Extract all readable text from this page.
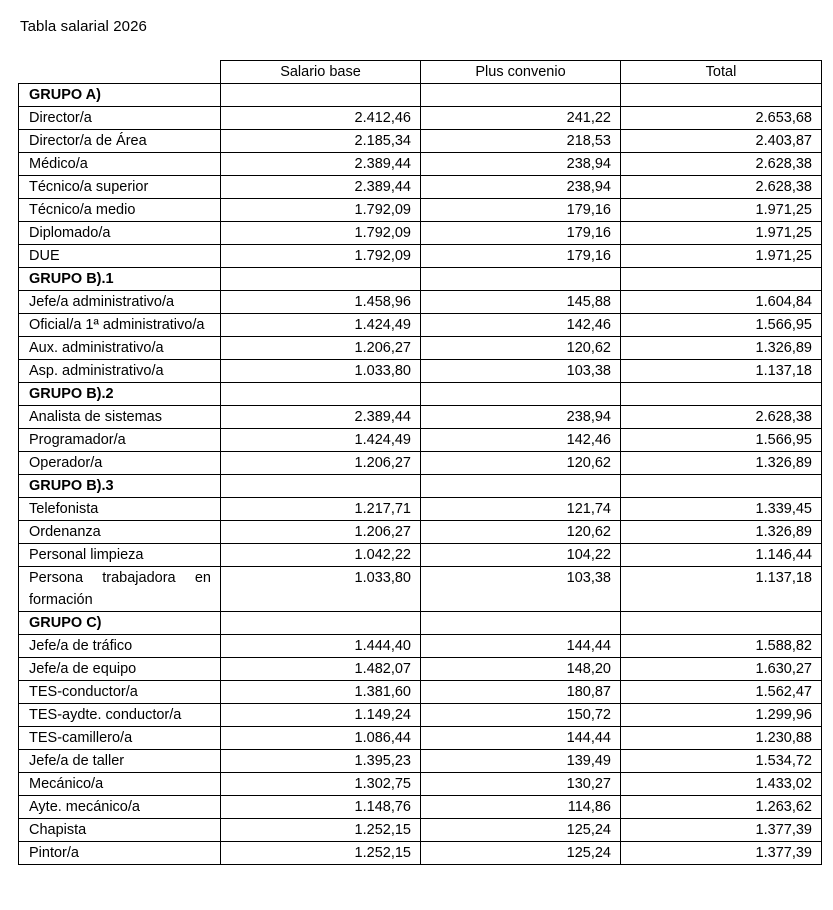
Tabla salarial 2026
	Salario base	Plus convenio	Total
GRUPO A)			
Director/a	2.412,46	241,22	2.653,68
Director/a de Área	2.185,34	218,53	2.403,87
Médico/a	2.389,44	238,94	2.628,38
Técnico/a superior	2.389,44	238,94	2.628,38
Técnico/a medio	1.792,09	179,16	1.971,25
Diplomado/a	1.792,09	179,16	1.971,25
DUE	1.792,09	179,16	1.971,25
GRUPO B).1			
Jefe/a administrativo/a	1.458,96	145,88	1.604,84
Oficial/a 1ª administrativo/a	1.424,49	142,46	1.566,95
Aux. administrativo/a	1.206,27	120,62	1.326,89
Asp. administrativo/a	1.033,80	103,38	1.137,18
GRUPO B).2			
Analista de sistemas	2.389,44	238,94	2.628,38
Programador/a	1.424,49	142,46	1.566,95
Operador/a	1.206,27	120,62	1.326,89
GRUPO B).3			
Telefonista	1.217,71	121,74	1.339,45
Ordenanza	1.206,27	120,62	1.326,89
Personal limpieza	1.042,22	104,22	1.146,44
Persona trabajadora en formación	1.033,80	103,38	1.137,18
GRUPO C)			
Jefe/a de tráfico	1.444,40	144,44	1.588,82
Jefe/a de equipo	1.482,07	148,20	1.630,27
TES-conductor/a	1.381,60	180,87	1.562,47
TES-aydte. conductor/a	1.149,24	150,72	1.299,96
TES-camillero/a	1.086,44	144,44	1.230,88
Jefe/a de taller	1.395,23	139,49	1.534,72
Mecánico/a	1.302,75	130,27	1.433,02
Ayte. mecánico/a	1.148,76	114,86	1.263,62
Chapista	1.252,15	125,24	1.377,39
Pintor/a	1.252,15	125,24	1.377,39
